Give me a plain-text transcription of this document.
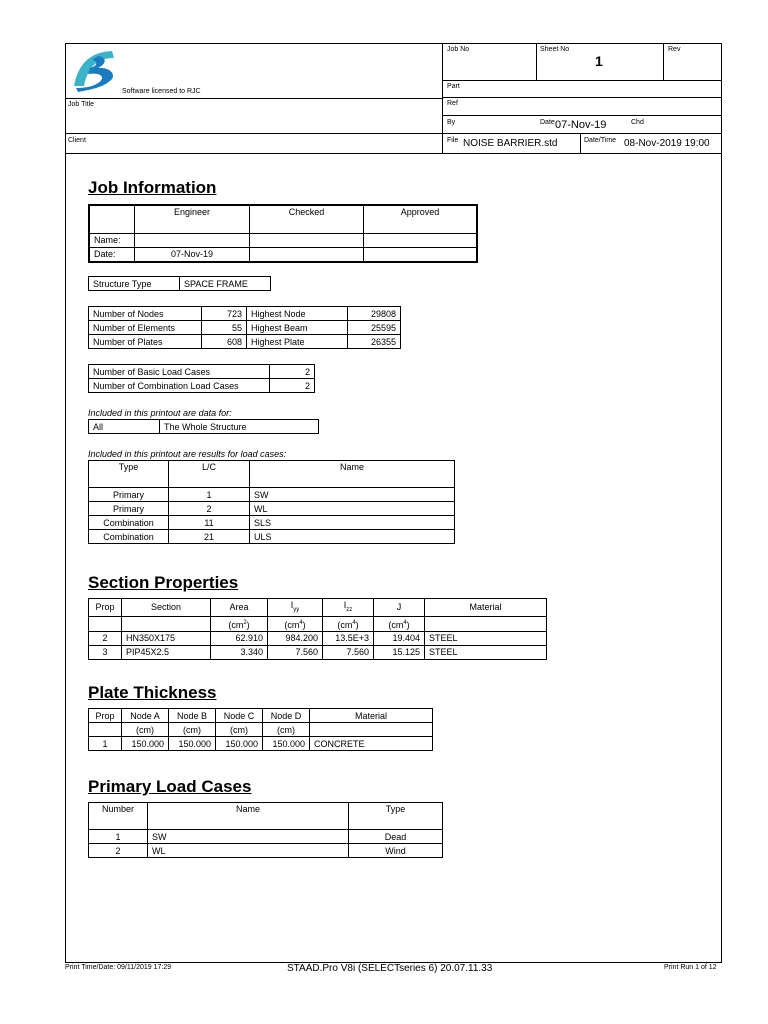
Software licensed to RJC
Job No	Sheet No
1
Rev
Part
Job Title	Ref
By	Date 07-Nov-19	Chd
Client	File NOISE BARRIER.std	Date/Time 08-Nov-2019 19:00
Job Information
	Engineer	Checked	Approved
Name:			
Date:	07-Nov-19		
Structure Type	SPACE FRAME
Number of Nodes	723	Highest Node	29808
Number of Elements	55	Highest Beam	25595
Number of Plates	608	Highest Plate	26355
Number of Basic Load Cases	2
Number of Combination Load Cases	2
Included in this printout are data for:
All	The Whole Structure
Included in this printout are results for load cases:
Type	L/C	Name
Primary	1	SW
Primary	2	WL
Combination	11	SLS
Combination	21	ULS
Section Properties
Prop	Section	Area	$I_{yy}$	$I_{zz}$	J	Material
		$(cm^2)$	$(cm^4)$	$(cm^4)$	$(cm^4)$	
2	HN350X175	62.910	984.200	13.5E+3	19.404	STEEL
3	PIP45X2.5	3.340	7.560	7.560	15.125	STEEL
Plate Thickness
Prop	Node A	Node B	Node C	Node D	Material
	(cm)	(cm)	(cm)	(cm)	
1	150.000	150.000	150.000	150.000	CONCRETE
Primary Load Cases
Number	Name	Type
1	SW	Dead
2	WL	Wind
Print Time/Date: 09/11/2019 17:29	STAAD.Pro V8i (SELECTseries 6) 20.07.11.33	Print Run 1 of 12
